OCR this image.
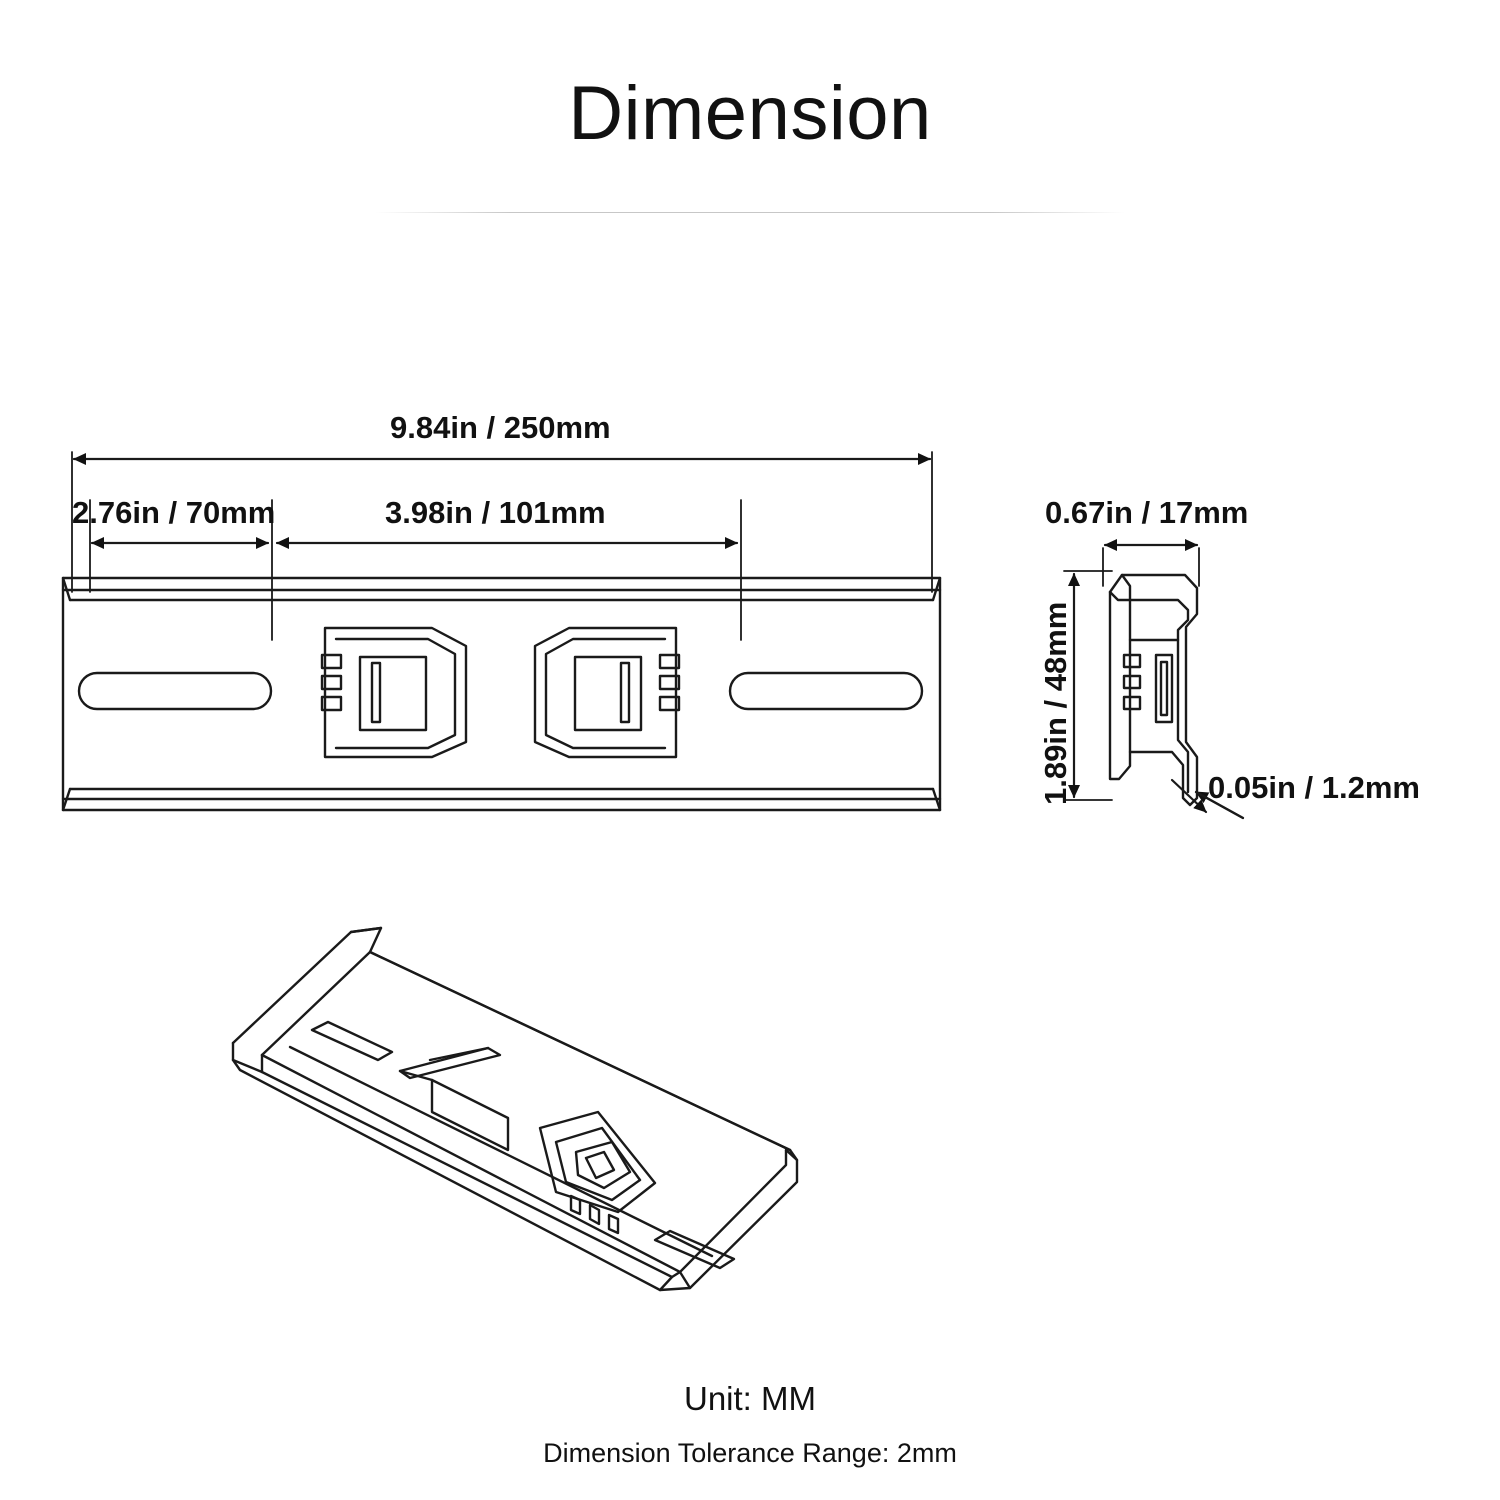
Dimension
9.84in / 250mm
2.76in / 70mm	3.98in / 101mm	0.67in / 17mm
1.89in / 48mm	0.05in / 1.2mm
Unit: MM
Dimension Tolerance Range: 2mm
